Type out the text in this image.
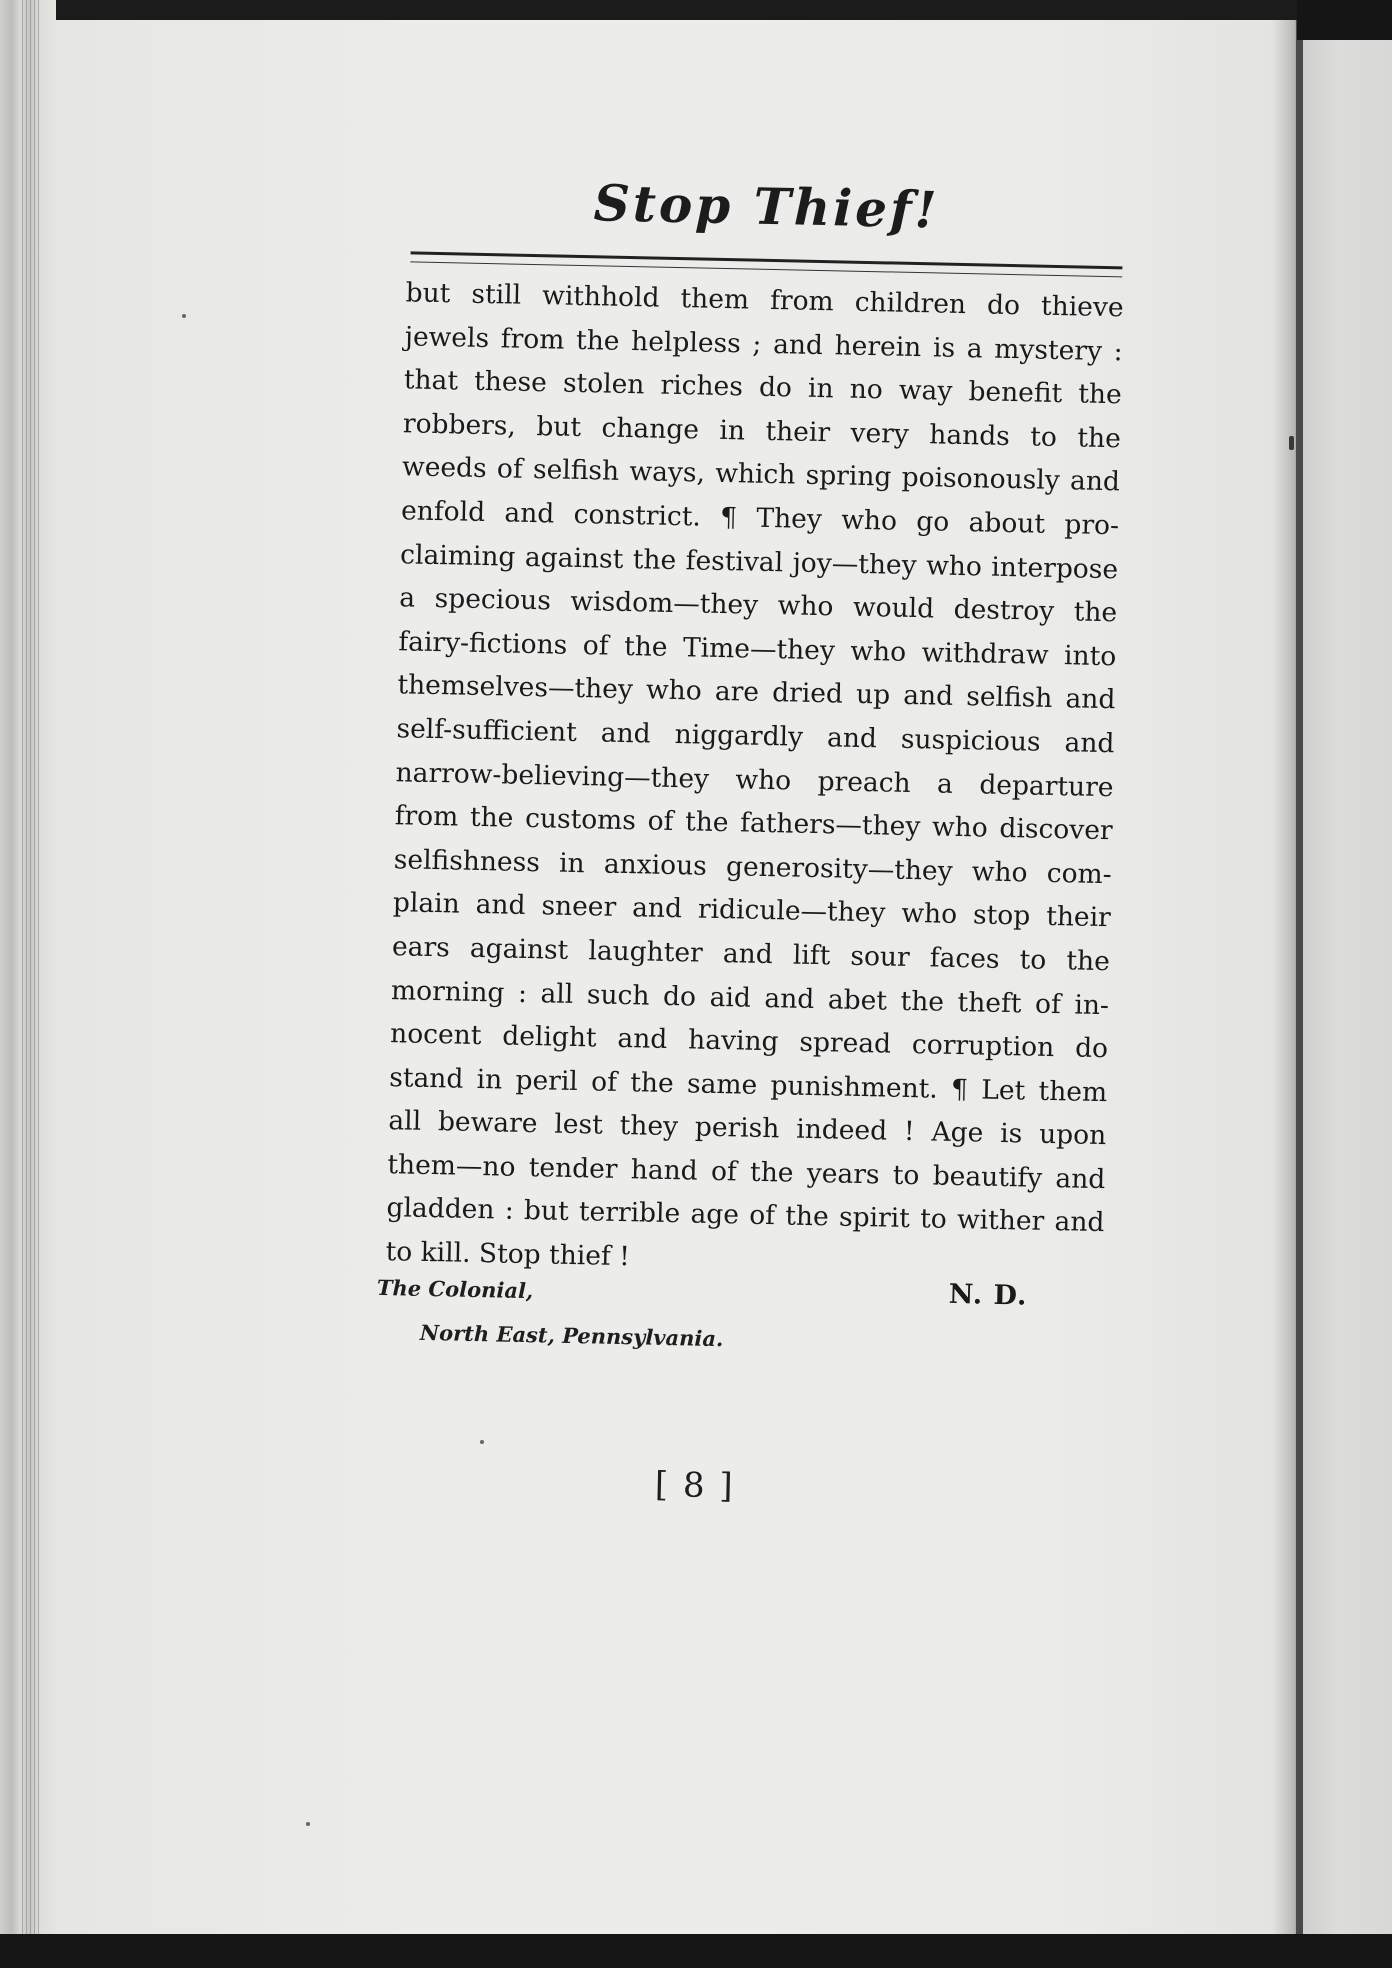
Stop Thief!
but still withhold them from children do thieve
jewels from the helpless ; and herein is a mystery :
that these stolen riches do in no way benefit the
robbers, but change in their very hands to the
weeds of selfish ways, which spring poisonously and
enfold and constrict. ¶ They who go about pro-
claiming against the festival joy—they who interpose
a specious wisdom—they who would destroy the
fairy-fictions of the Time—they who withdraw into
themselves—they who are dried up and selfish and
self-sufficient and niggardly and suspicious and
narrow-believing—they who preach a departure
from the customs of the fathers—they who discover
selfishness in anxious generosity—they who com-
plain and sneer and ridicule—they who stop their
ears against laughter and lift sour faces to the
morning : all such do aid and abet the theft of in-
nocent delight and having spread corruption do
stand in peril of the same punishment. ¶ Let them
all beware lest they perish indeed ! Age is upon
them—no tender hand of the years to beautify and
gladden : but terrible age of the spirit to wither and
to kill. Stop thief !
The Colonial,
North East, Pennsylvania.
N. D.
[ 8 ]
